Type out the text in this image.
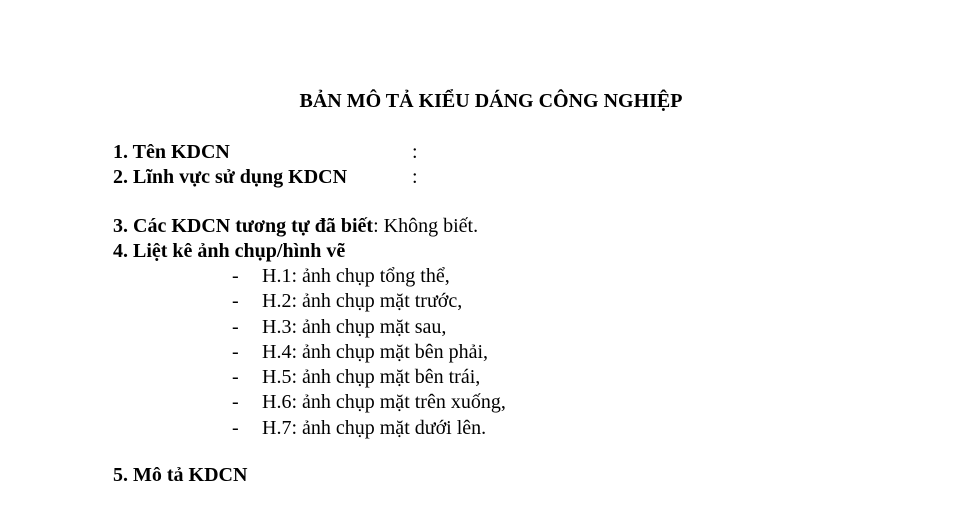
BẢN MÔ TẢ KIỂU DÁNG CÔNG NGHIỆP
1. Tên KDCN	:
2. Lĩnh vực sử dụng KDCN	:
3. Các KDCN tương tự đã biết: Không biết.
4. Liệt kê ảnh chụp/hình vẽ
- H.1: ảnh chụp tổng thể,
- H.2: ảnh chụp mặt trước,
- H.3: ảnh chụp mặt sau,
- H.4: ảnh chụp mặt bên phải,
- H.5: ảnh chụp mặt bên trái,
- H.6: ảnh chụp mặt trên xuống,
- H.7: ảnh chụp mặt dưới lên.
5. Mô tả KDCN
